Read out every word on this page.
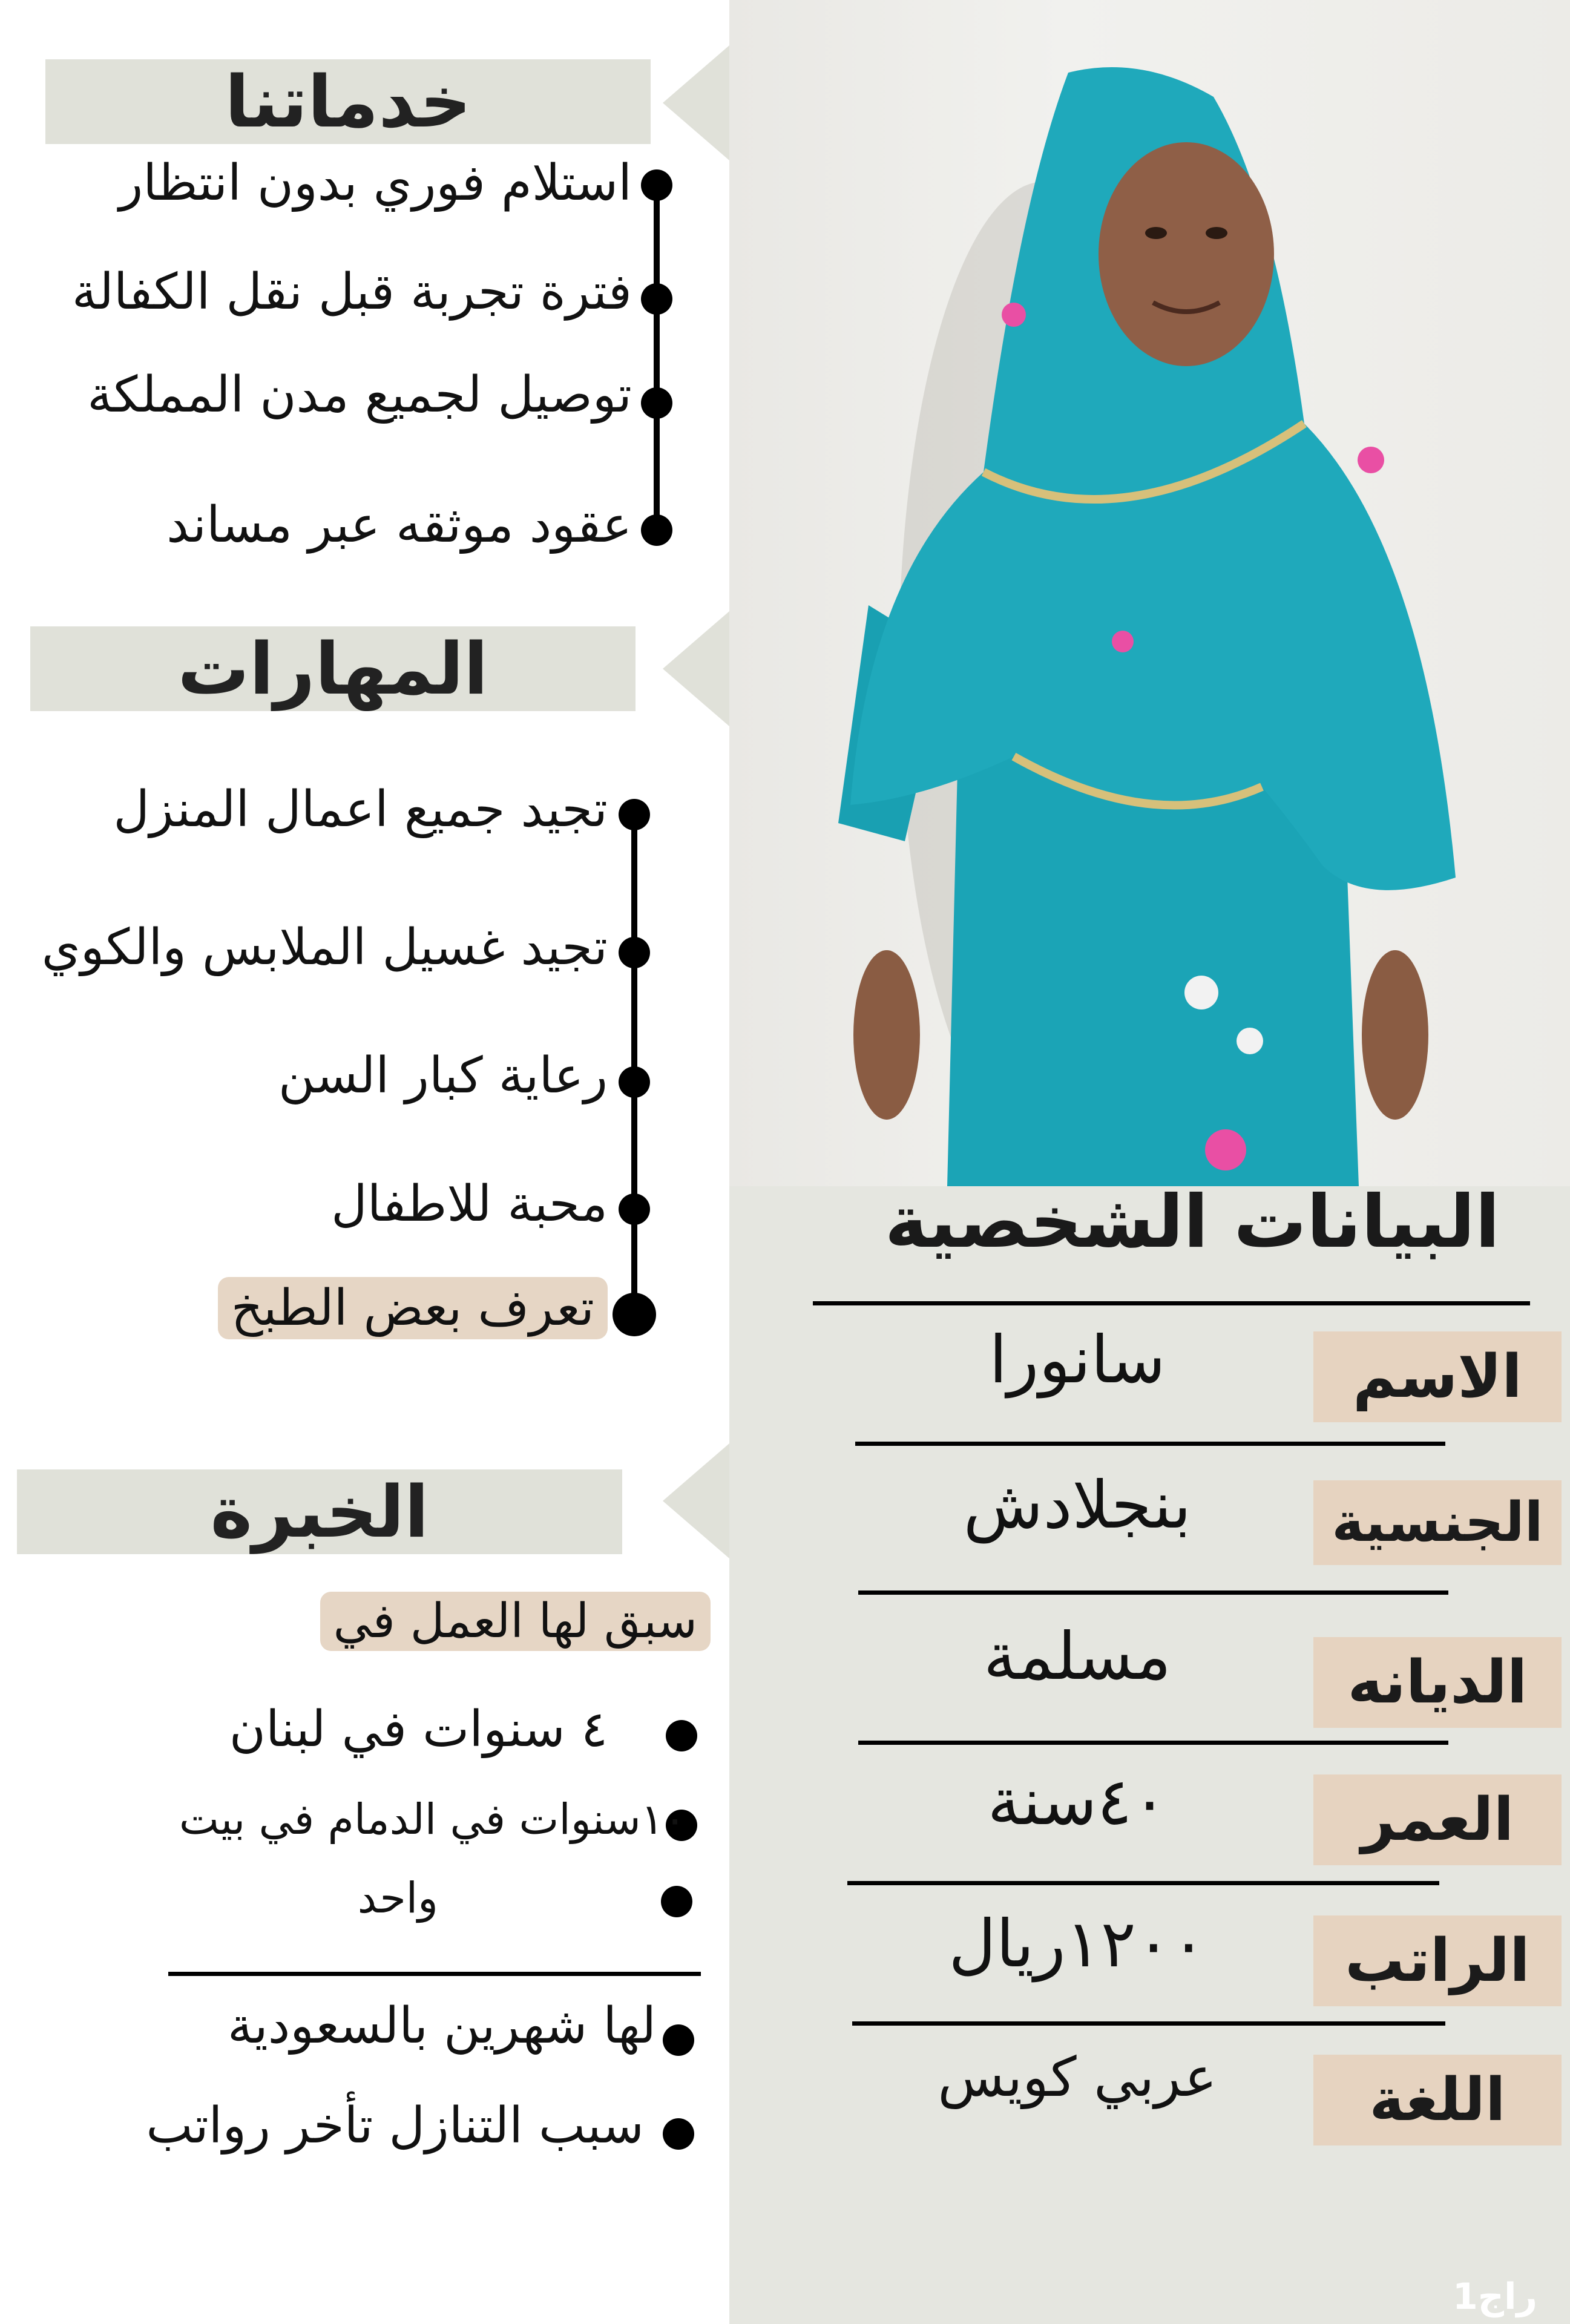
خدماتنا
استلام فوري بدون انتظار
فترة تجربة قبل نقل الكفالة
توصيل لجميع مدن المملكة
عقود موثقه عبر مساند
المهارات
تجيد جميع اعمال المنزل
تجيد غسيل الملابس والكوي
رعاية كبار السن
محبة للاطفال
تعرف بعض الطبخ
الخبرة
سبق لها العمل في
٤ سنوات في لبنان
١٠سنوات في الدمام في بيت
واحد
لها شهرين بالسعودية
سبب التنازل تأخر رواتب
البيانات الشخصية
الاسم
سانورا
الجنسية
بنجلادش
الديانه
مسلمة
العمر
٤٠سنة
الراتب
١٢٠٠ريال
اللغة
عربي كويس
راج1
